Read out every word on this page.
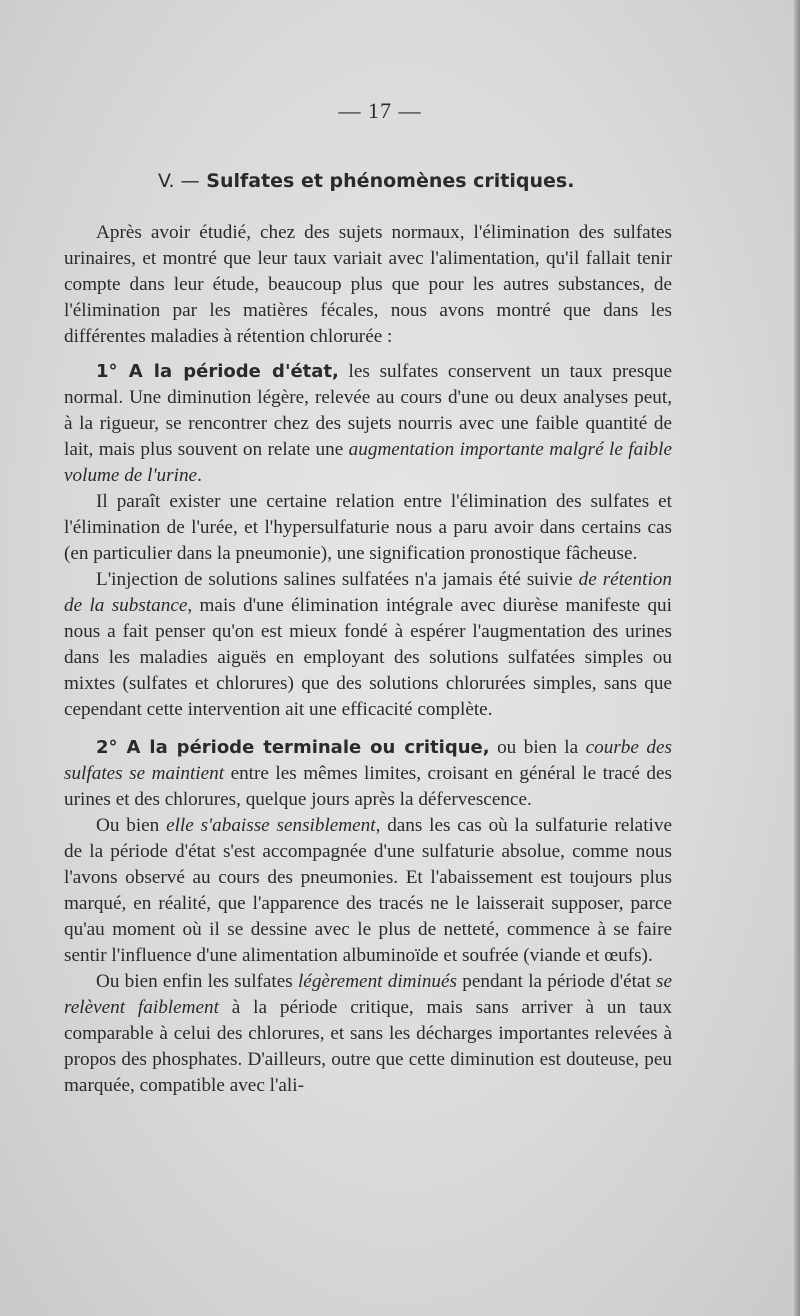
— 17 —
V. — Sulfates et phénomènes critiques.

Après avoir étudié, chez des sujets normaux, l'élimination des sulfates urinaires, et montré que leur taux variait avec l'alimentation, qu'il fallait tenir compte dans leur étude, beaucoup plus que pour les autres substances, de l'élimination par les matières fécales, nous avons montré que dans les différentes maladies à rétention chlorurée :

1° A la période d'état, les sulfates conservent un taux presque normal. Une diminution légère, relevée au cours d'une ou deux analyses peut, à la rigueur, se rencontrer chez des sujets nourris avec une faible quantité de lait, mais plus souvent on relate une augmentation importante malgré le faible volume de l'urine.

Il paraît exister une certaine relation entre l'élimination des sulfates et l'élimination de l'urée, et l'hypersulfaturie nous a paru avoir dans certains cas (en particulier dans la pneumonie), une signification pronostique fâcheuse.

L'injection de solutions salines sulfatées n'a jamais été suivie de rétention de la substance, mais d'une élimination intégrale avec diurèse manifeste qui nous a fait penser qu'on est mieux fondé à espérer l'augmentation des urines dans les maladies aiguës en employant des solutions sulfatées simples ou mixtes (sulfates et chlorures) que des solutions chlorurées simples, sans que cependant cette intervention ait une efficacité complète.

2° A la période terminale ou critique, ou bien la courbe des sulfates se maintient entre les mêmes limites, croisant en général le tracé des urines et des chlorures, quelque jours après la défervescence.

Ou bien elle s'abaisse sensiblement, dans les cas où la sulfaturie relative de la période d'état s'est accompagnée d'une sulfaturie absolue, comme nous l'avons observé au cours des pneumonies. Et l'abaissement est toujours plus marqué, en réalité, que l'apparence des tracés ne le laisserait supposer, parce qu'au moment où il se dessine avec le plus de netteté, commence à se faire sentir l'influence d'une alimentation albuminoïde et soufrée (viande et œufs).

Ou bien enfin les sulfates légèrement diminués pendant la période d'état se relèvent faiblement à la période critique, mais sans arriver à un taux comparable à celui des chlorures, et sans les décharges importantes relevées à propos des phosphates. D'ailleurs, outre que cette diminution est douteuse, peu marquée, compatible avec l'ali-
